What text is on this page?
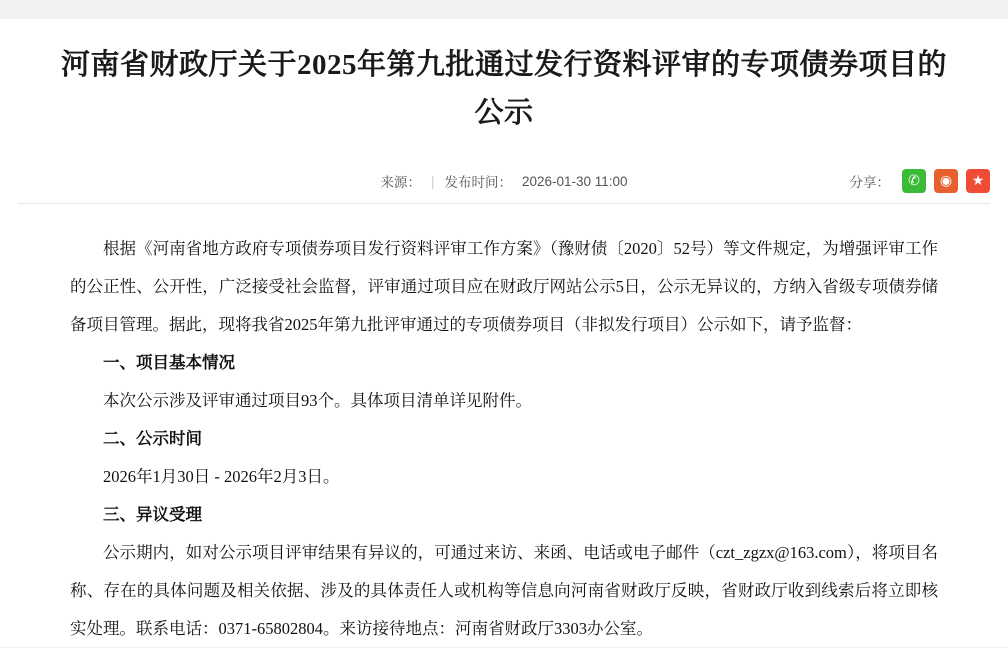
河南省财政厅关于2025年第九批通过发行资料评审的专项债券项目的公示
来源： | 发布时间： 2026-01-30 11:00	分享：	✆	◉	★

根据《河南省地方政府专项债券项目发行资料评审工作方案》（豫财债〔2020〕52号）等文件规定，为增强评审工作的公正性、公开性，广泛接受社会监督，评审通过项目应在财政厅网站公示5日，公示无异议的，方纳入省级专项债券储备项目管理。据此，现将我省2025年第九批评审通过的专项债券项目（非拟发行项目）公示如下，请予监督：

一、项目基本情况

本次公示涉及评审通过项目93个。具体项目清单详见附件。

二、公示时间

2026年1月30日 - 2026年2月3日。

三、异议受理

公示期内，如对公示项目评审结果有异议的，可通过来访、来函、电话或电子邮件（czt_zgzx@163.com），将项目名称、存在的具体问题及相关依据、涉及的具体责任人或机构等信息向河南省财政厅反映，省财政厅收到线索后将立即核实处理。联系电话：0371-65802804。来访接待地点：河南省财政厅3303办公室。
